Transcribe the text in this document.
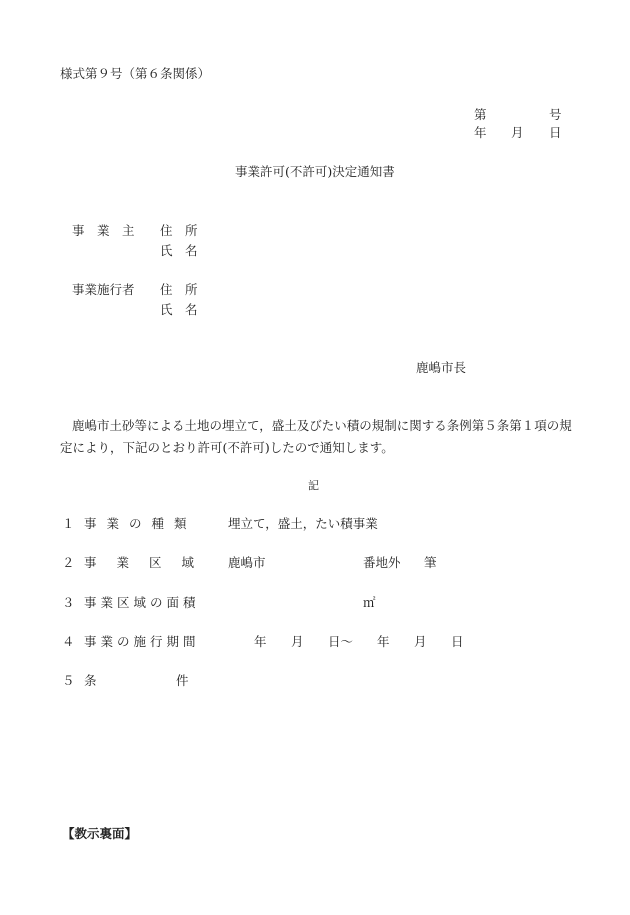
様式第９号（第６条関係）
第	号
年 月 日
事業許可(不許可)決定通知書
事　業　主 住　所
氏　名
事業施行者 住　所
氏　名
鹿嶋市長
鹿嶋市土砂等による土地の埋立て，盛土及びたい積の規制に関する条例第５条第１項の規定により，下記のとおり許可(不許可)したので通知します。
記
１ 事業の種類	埋立て，盛土，たい積事業
２ 事業区域 鹿嶋市	番地外 筆
３ 事業区域の面積	㎡
４ 事業の施行期間	年 月 日～ 年 月 日
５ 条	件
【教示裏面】
